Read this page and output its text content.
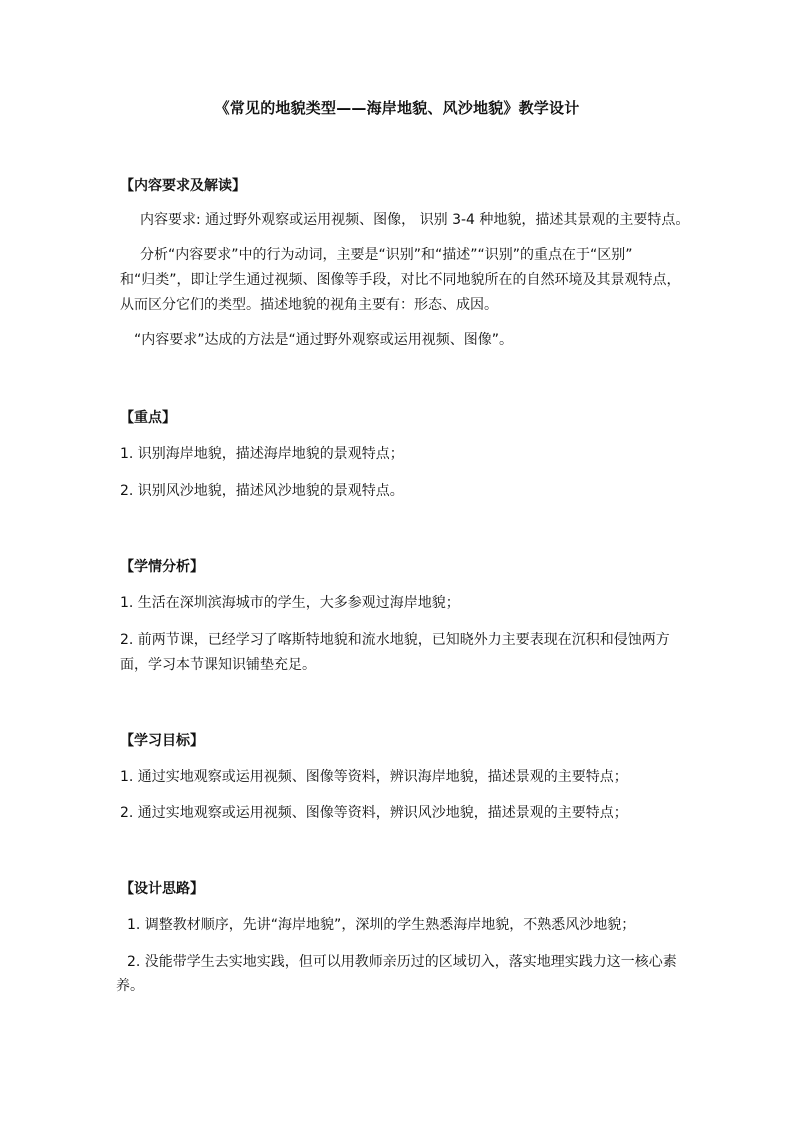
《常见的地貌类型——海岸地貌、风沙地貌》教学设计
【内容要求及解读】
内容要求: 通过野外观察或运用视频、图像， 识别 3-4 种地貌，描述其景观的主要特点。
分析“内容要求”中的行为动词，主要是“识别”和“描述”“识别”的重点在于“区别”
和“归类”，即让学生通过视频、图像等手段，对比不同地貌所在的自然环境及其景观特点，
从而区分它们的类型。描述地貌的视角主要有：形态、成因。
“内容要求”达成的方法是“通过野外观察或运用视频、图像”。
【重点】
1. 识别海岸地貌，描述海岸地貌的景观特点；
2. 识别风沙地貌，描述风沙地貌的景观特点。
【学情分析】
1. 生活在深圳滨海城市的学生，大多参观过海岸地貌；
2. 前两节课，已经学习了喀斯特地貌和流水地貌，已知晓外力主要表现在沉积和侵蚀两方
面，学习本节课知识铺垫充足。
【学习目标】
1. 通过实地观察或运用视频、图像等资料，辨识海岸地貌，描述景观的主要特点；
2. 通过实地观察或运用视频、图像等资料，辨识风沙地貌，描述景观的主要特点；
【设计思路】
1. 调整教材顺序，先讲“海岸地貌”，深圳的学生熟悉海岸地貌，不熟悉风沙地貌；
2. 没能带学生去实地实践，但可以用教师亲历过的区域切入，落实地理实践力这一核心素
养。
